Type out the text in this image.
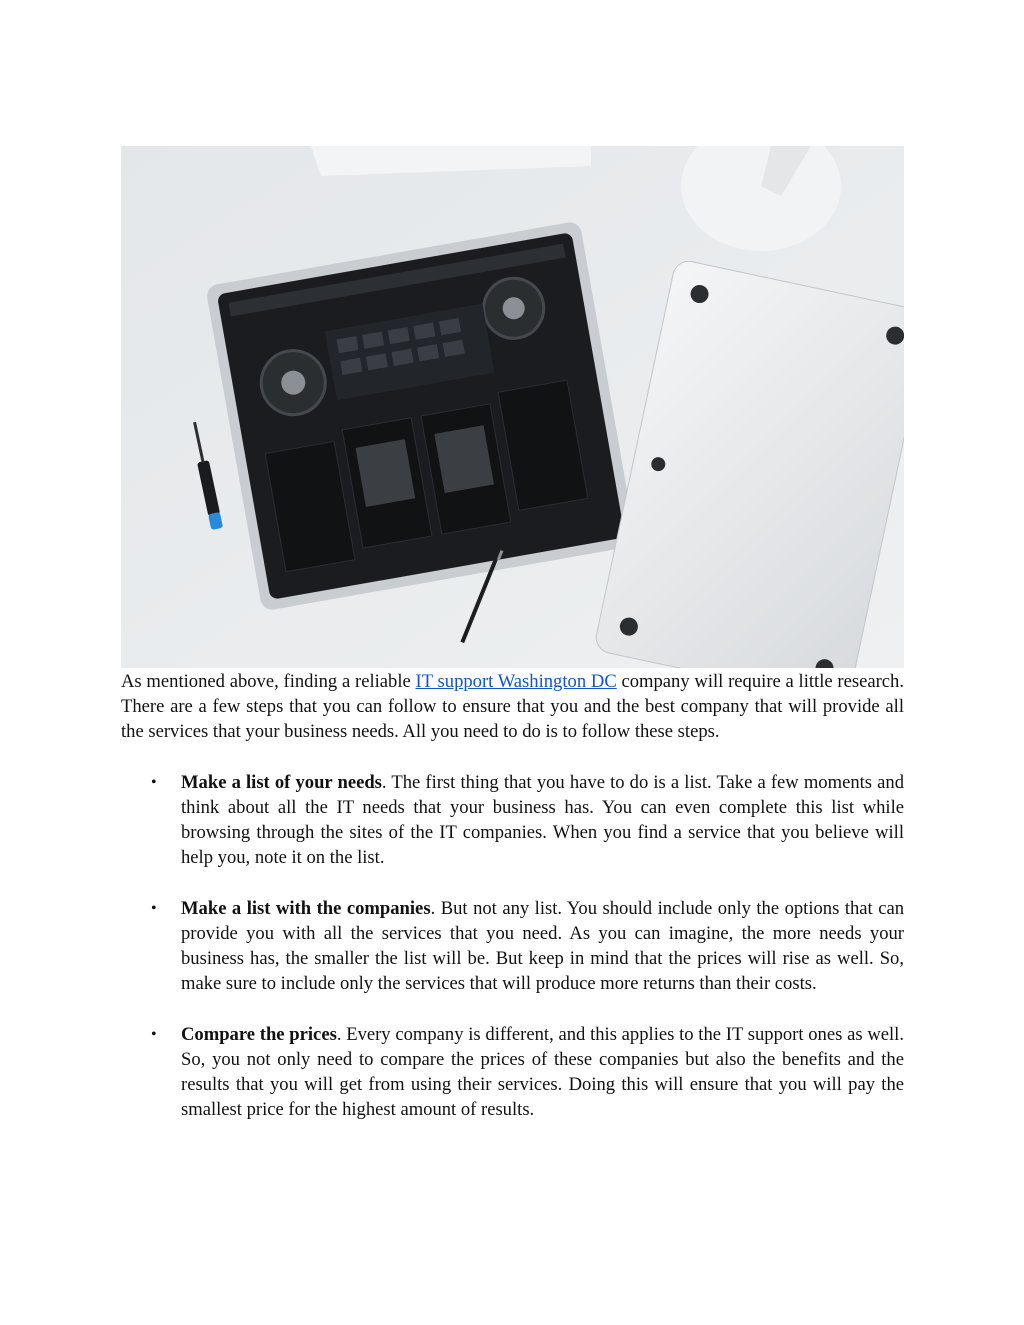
As mentioned above, finding a reliable IT support Washington DC company will require a little research. There are a few steps that you can follow to ensure that you and the best company that will provide all the services that your business needs. All you need to do is to follow these steps.

• Make a list of your needs. The first thing that you have to do is a list. Take a few moments and think about all the IT needs that your business has. You can even complete this list while browsing through the sites of the IT companies. When you find a service that you believe will help you, note it on the list.
• Make a list with the companies. But not any list. You should include only the options that can provide you with all the services that you need. As you can imagine, the more needs your business has, the smaller the list will be. But keep in mind that the prices will rise as well. So, make sure to include only the services that will produce more returns than their costs.
• Compare the prices. Every company is different, and this applies to the IT support ones as well. So, you not only need to compare the prices of these companies but also the benefits and the results that you will get from using their services. Doing this will ensure that you will pay the smallest price for the highest amount of results.
